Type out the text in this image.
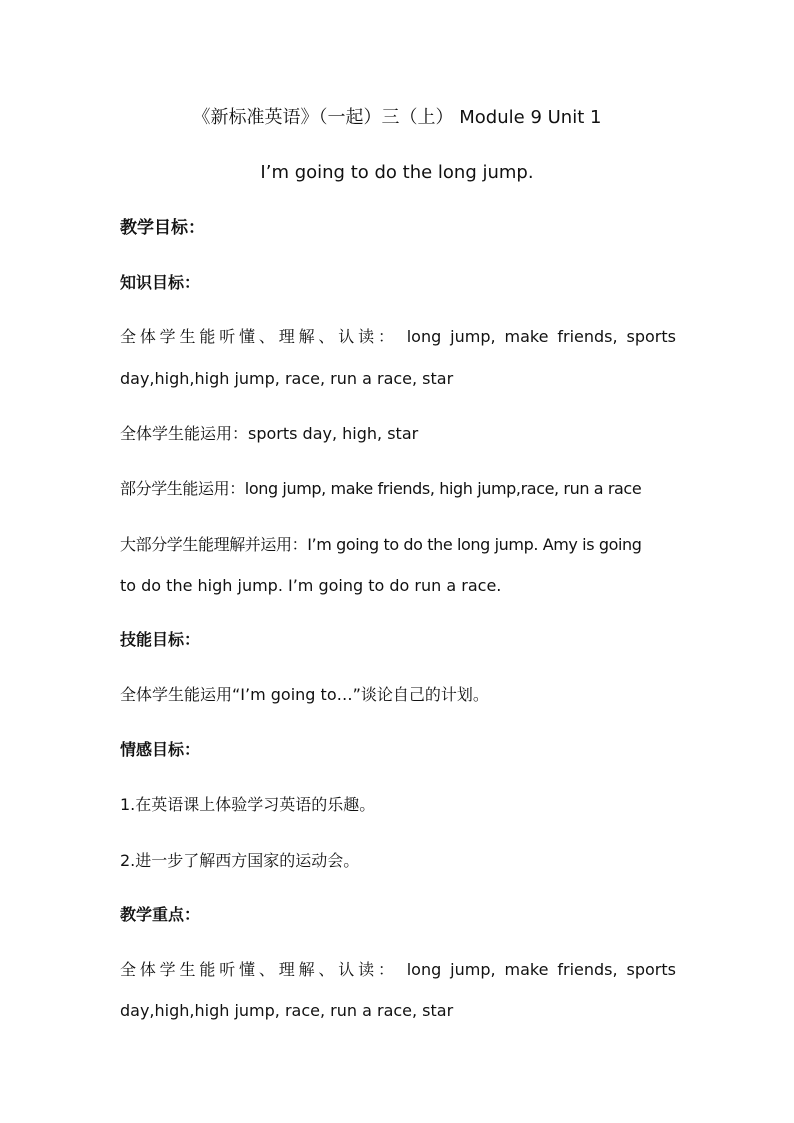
《新标准英语》（一起）三（上） Module 9 Unit 1
I’m going to do the long jump.
教学目标：
知识目标：
全体学生能听懂、理解、认读： long jump, make friends, sports
day,high,high jump, race, run a race, star
全体学生能运用：sports day, high, star
部分学生能运用：long jump, make friends, high jump,race, run a race
大部分学生能理解并运用：I’m going to do the long jump. Amy is going
to do the high jump. I’m going to do run a race.
技能目标：
全体学生能运用“I’m going to…”谈论自己的计划。
情感目标：
1.在英语课上体验学习英语的乐趣。
2.进一步了解西方国家的运动会。
教学重点：
全体学生能听懂、理解、认读： long jump, make friends, sports
day,high,high jump, race, run a race, star
